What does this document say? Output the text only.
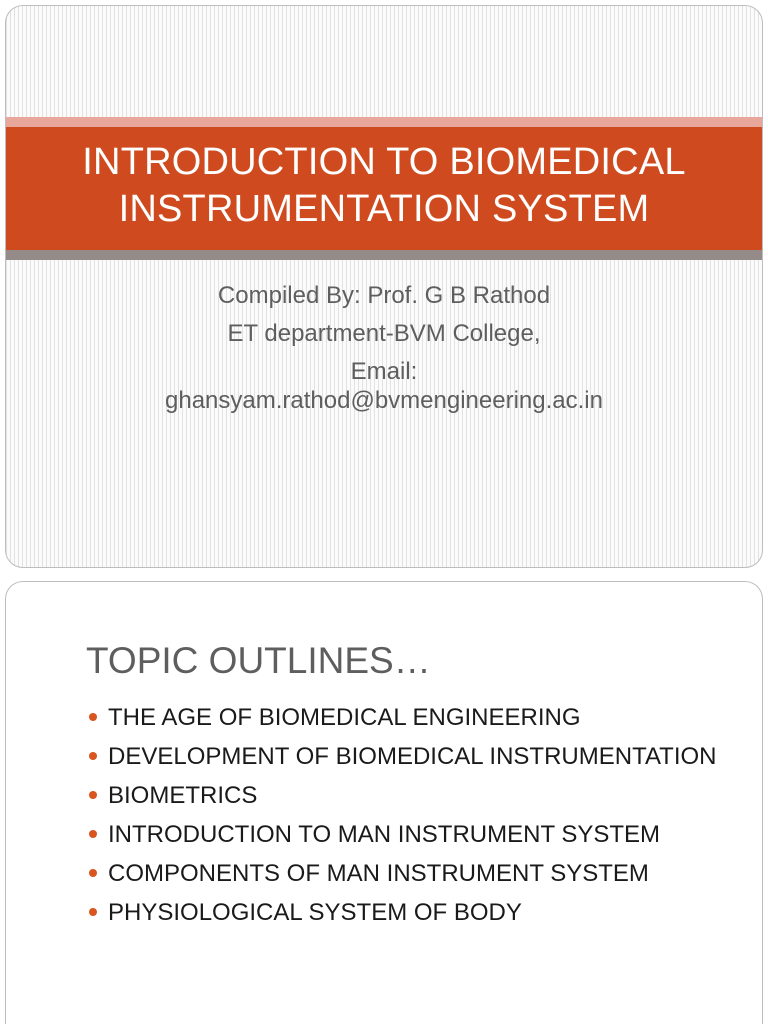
INTRODUCTION TO BIOMEDICAL
INSTRUMENTATION SYSTEM
Compiled By: Prof. G B Rathod
ET department-BVM College,
Email:
ghansyam.rathod@bvmengineering.ac.in
TOPIC OUTLINES…
THE AGE OF BIOMEDICAL ENGINEERING
DEVELOPMENT OF BIOMEDICAL INSTRUMENTATION
BIOMETRICS
INTRODUCTION TO MAN INSTRUMENT SYSTEM
COMPONENTS OF MAN INSTRUMENT SYSTEM
PHYSIOLOGICAL SYSTEM OF BODY
